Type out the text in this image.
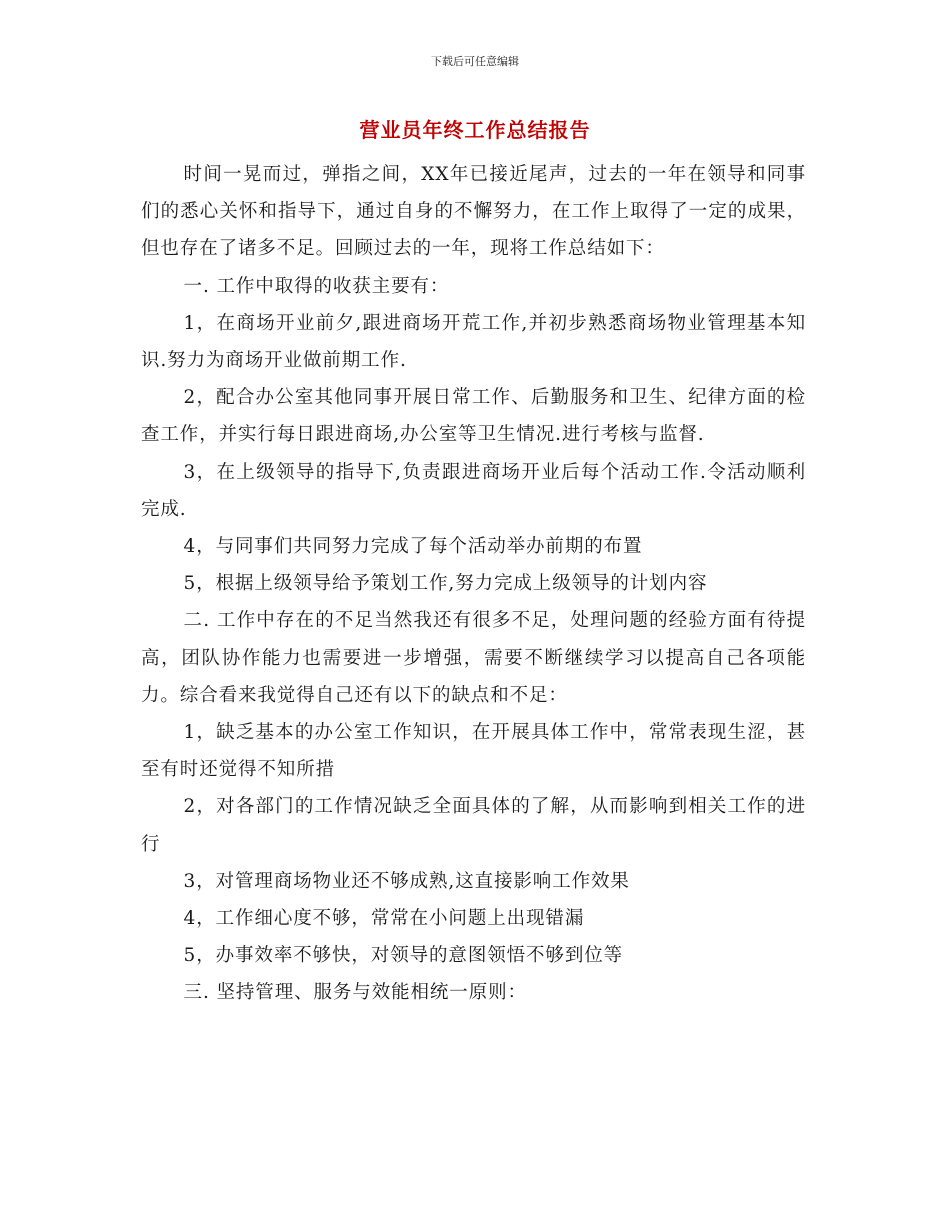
下载后可任意编辑
营业员年终工作总结报告

时间一晃而过，弹指之间，XX年已接近尾声，过去的一年在领导和同事们的悉心关怀和指导下，通过自身的不懈努力，在工作上取得了一定的成果，但也存在了诸多不足。回顾过去的一年，现将工作总结如下：

一. 工作中取得的收获主要有：

1，在商场开业前夕,跟进商场开荒工作,并初步熟悉商场物业管理基本知识.努力为商场开业做前期工作.

2，配合办公室其他同事开展日常工作、后勤服务和卫生、纪律方面的检查工作，并实行每日跟进商场,办公室等卫生情况.进行考核与监督.

3，在上级领导的指导下,负责跟进商场开业后每个活动工作.令活动顺利完成.

4，与同事们共同努力完成了每个活动举办前期的布置

5，根据上级领导给予策划工作,努力完成上级领导的计划内容

二. 工作中存在的不足当然我还有很多不足，处理问题的经验方面有待提高，团队协作能力也需要进一步增强，需要不断继续学习以提高自己各项能力。综合看来我觉得自己还有以下的缺点和不足：

1，缺乏基本的办公室工作知识，在开展具体工作中，常常表现生涩，甚至有时还觉得不知所措

2，对各部门的工作情况缺乏全面具体的了解，从而影响到相关工作的进行

3，对管理商场物业还不够成熟,这直接影响工作效果

4，工作细心度不够，常常在小问题上出现错漏

5，办事效率不够快，对领导的意图领悟不够到位等

三. 坚持管理、服务与效能相统一原则：
